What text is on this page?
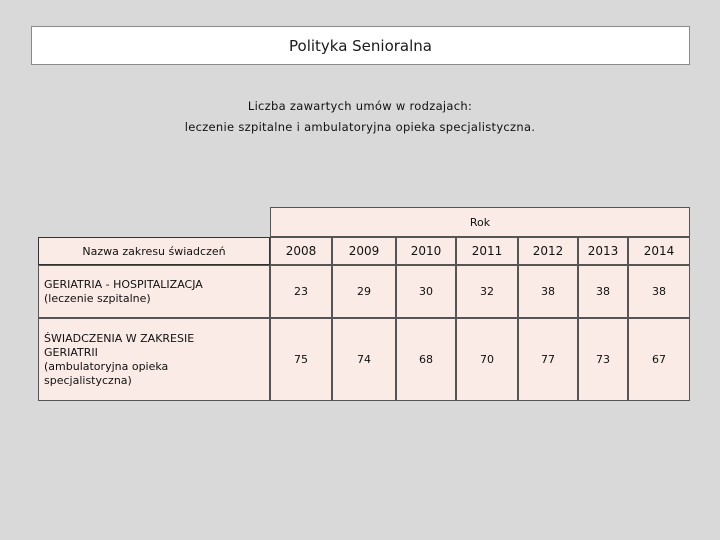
Polityka Senioralna
Liczba zawartych umów w rodzajach:
leczenie szpitalne i ambulatoryjna opieka specjalistyczna.
Rok
Nazwa zakresu świadczeń	2008	2009	2010	2011	2012	2013	2014
GERIATRIA - HOSPITALIZACJA
(leczenie szpitalne)	23	29	30	32	38	38	38
ŚWIADCZENIA W ZAKRESIE
GERIATRII
(ambulatoryjna opieka
specjalistyczna)
75	74	68	70	77	73	67
